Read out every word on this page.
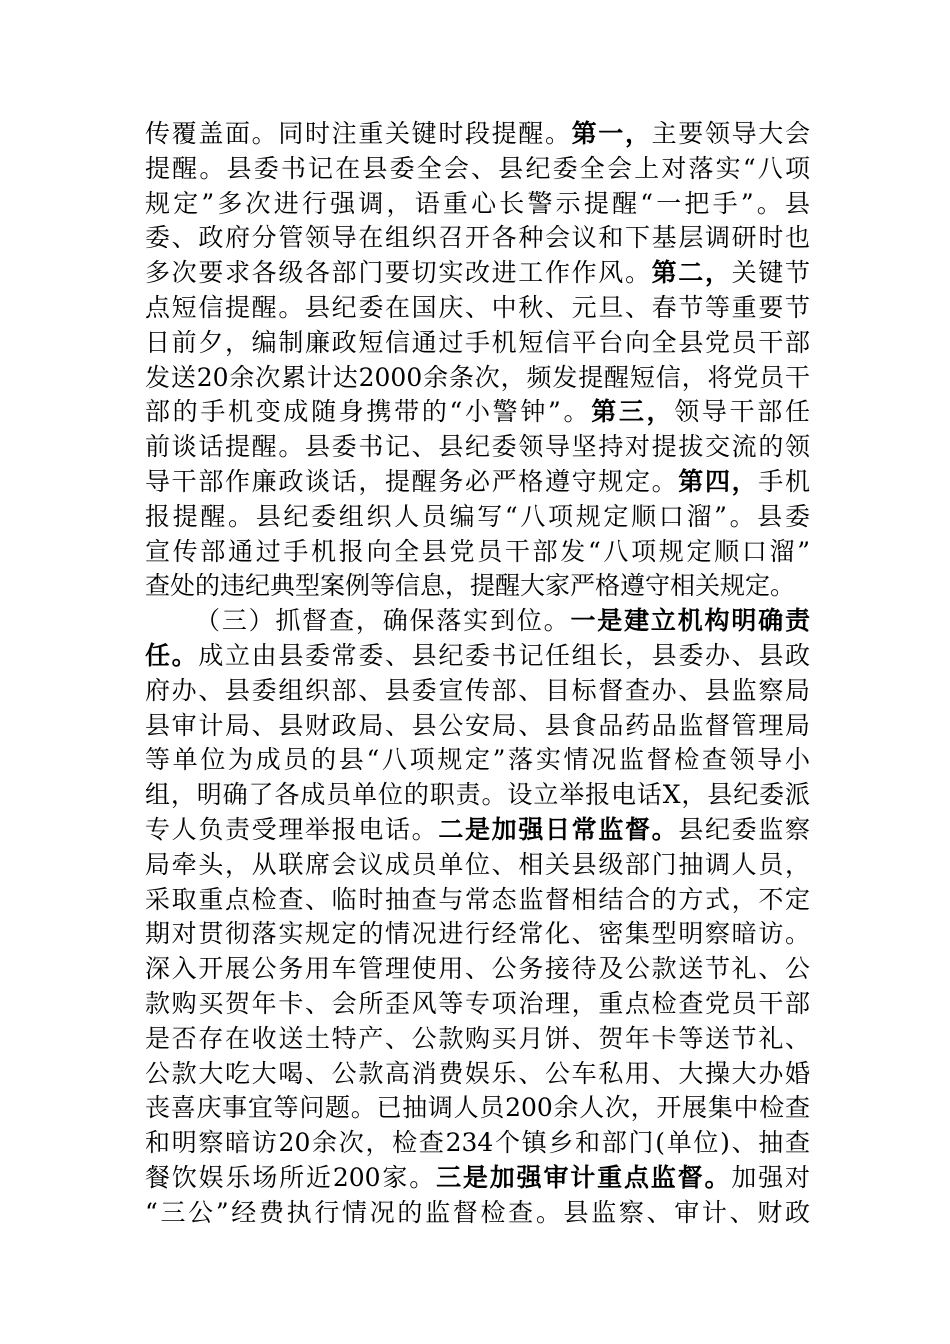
传覆盖面。同时注重关键时段提醒。第一，主要领导大会
提醒。县委书记在县委全会、县纪委全会上对落实“八项
规定”多次进行强调，语重心长警示提醒“一把手”。县
委、政府分管领导在组织召开各种会议和下基层调研时也
多次要求各级各部门要切实改进工作作风。第二，关键节
点短信提醒。县纪委在国庆、中秋、元旦、春节等重要节
日前夕，编制廉政短信通过手机短信平台向全县党员干部
发送20余次累计达2000余条次，频发提醒短信，将党员干
部的手机变成随身携带的“小警钟”。第三，领导干部任
前谈话提醒。县委书记、县纪委领导坚持对提拔交流的领
导干部作廉政谈话，提醒务必严格遵守规定。第四，手机
报提醒。县纪委组织人员编写“八项规定顺口溜”。县委
宣传部通过手机报向全县党员干部发“八项规定顺口溜”
查处的违纪典型案例等信息，提醒大家严格遵守相关规定。
（三）抓督查，确保落实到位。一是建立机构明确责
任。成立由县委常委、县纪委书记任组长，县委办、县政
府办、县委组织部、县委宣传部、目标督查办、县监察局
县审计局、县财政局、县公安局、县食品药品监督管理局
等单位为成员的县“八项规定”落实情况监督检查领导小
组，明确了各成员单位的职责。设立举报电话X，县纪委派
专人负责受理举报电话。二是加强日常监督。县纪委监察
局牵头，从联席会议成员单位、相关县级部门抽调人员，
采取重点检查、临时抽查与常态监督相结合的方式，不定
期对贯彻落实规定的情况进行经常化、密集型明察暗访。
深入开展公务用车管理使用、公务接待及公款送节礼、公
款购买贺年卡、会所歪风等专项治理，重点检查党员干部
是否存在收送土特产、公款购买月饼、贺年卡等送节礼、
公款大吃大喝、公款高消费娱乐、公车私用、大操大办婚
丧喜庆事宜等问题。已抽调人员200余人次，开展集中检查
和明察暗访20余次，检查234个镇乡和部门(单位)、抽查
餐饮娱乐场所近200家。三是加强审计重点监督。加强对
“三公”经费执行情况的监督检查。县监察、审计、财政
